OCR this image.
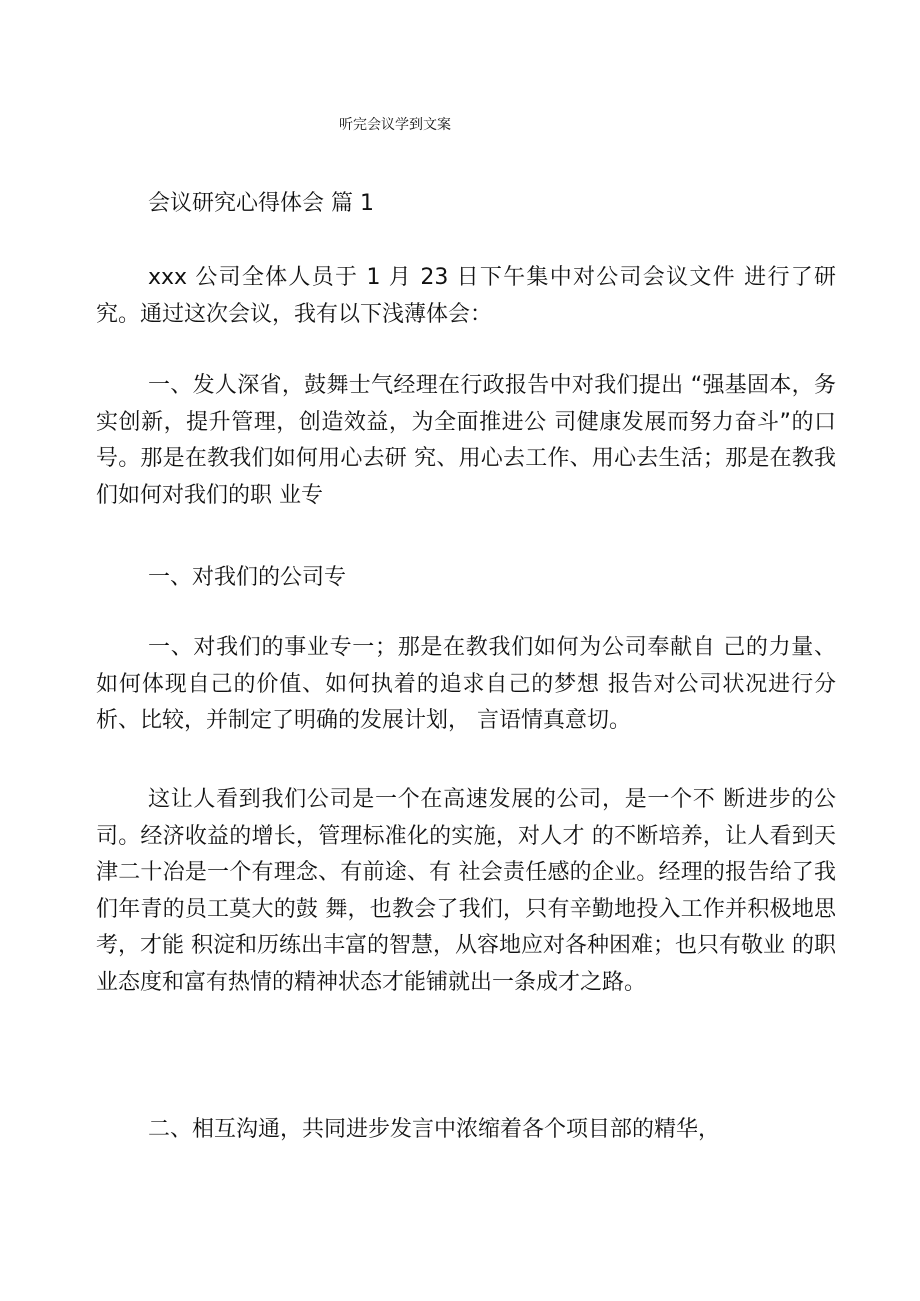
听完会议学到文案
会议研究心得体会 篇 1

xxx 公司全体人员于 1 月 23 日下午集中对公司会议文件 进行了研究。通过这次会议，我有以下浅薄体会：

一、发人深省，鼓舞士气经理在行政报告中对我们提出 “强基固本，务实创新，提升管理，创造效益，为全面推进公 司健康发展而努力奋斗”的口号。那是在教我们如何用心去研 究、用心去工作、用心去生活；那是在教我们如何对我们的职 业专

一、对我们的公司专

一、对我们的事业专一；那是在教我们如何为公司奉献自 己的力量、如何体现自己的价值、如何执着的追求自己的梦想 报告对公司状况进行分析、比较，并制定了明确的发展计划， 言语情真意切。

这让人看到我们公司是一个在高速发展的公司，是一个不 断进步的公司。经济收益的增长，管理标准化的实施，对人才 的不断培养，让人看到天津二十冶是一个有理念、有前途、有 社会责任感的企业。经理的报告给了我们年青的员工莫大的鼓 舞，也教会了我们，只有辛勤地投入工作并积极地思考，才能 积淀和历练出丰富的智慧，从容地应对各种困难；也只有敬业 的职业态度和富有热情的精神状态才能铺就出一条成才之路。

二、相互沟通，共同进步发言中浓缩着各个项目部的精华，
